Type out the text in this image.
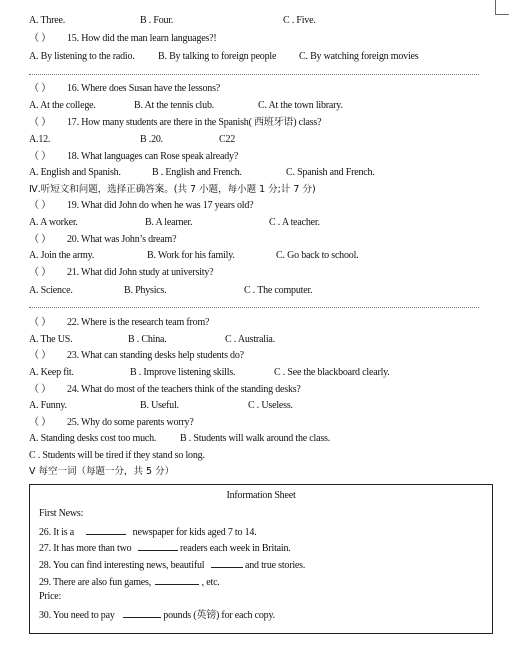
A. Three.	B . Four.	C . Five.
（ ） 15. How did the man learn languages?!
A. By listening to the radio. B. By talking to foreign people C. By watching foreign movies
（ ） 16. Where does Susan have the lessons?
A. At the college.	B. At the tennis club.	C. At the town library.
（ ） 17. How many students are there in the Spanish( 西班牙语) class?
A.12.	B .20.	C22
（ ） 18. What languages can Rose speak already?
A. English and Spanish.	B . English and French.	C. Spanish and French.
Ⅳ.听短文和问题，选择正确答案。(共 7 小题，每小题 1 分;计 7 分)
（ ） 19. What did John do when he was 17 years old?
A. A worker.	B. A learner.	C . A teacher.
（ ） 20. What was John’s dream?
A. Join the army.	B. Work for his family.	C. Go back to school.
（ ） 21. What did John study at university?
A. Science.	B. Physics.	C . The computer.
（ ） 22. Where is the research team from?
A. The US.	B . China.	C . Australia.
（ ） 23. What can standing desks help students do?
A. Keep fit.	B . Improve listening skills.	C . See the blackboard clearly.
（ ） 24. What do most of the teachers think of the standing desks?
A. Funny.	B. Useful.	C . Useless.
（ ） 25. Why do some parents worry?
A. Standing desks cost too much. B . Students will walk around the class.
C . Students will be tired if they stand so long.
V 每空一词（每题一分，共 5 分）
Information Sheet
First News:
26. It is a	newspaper for kids aged 7 to 14.
27. It has more than two	readers each week in Britain.
28. You can find interesting news, beautiful	and true stories.
29. There are also fun games,	, etc.
Price:
30. You need to pay	pounds (英镑) for each copy.
